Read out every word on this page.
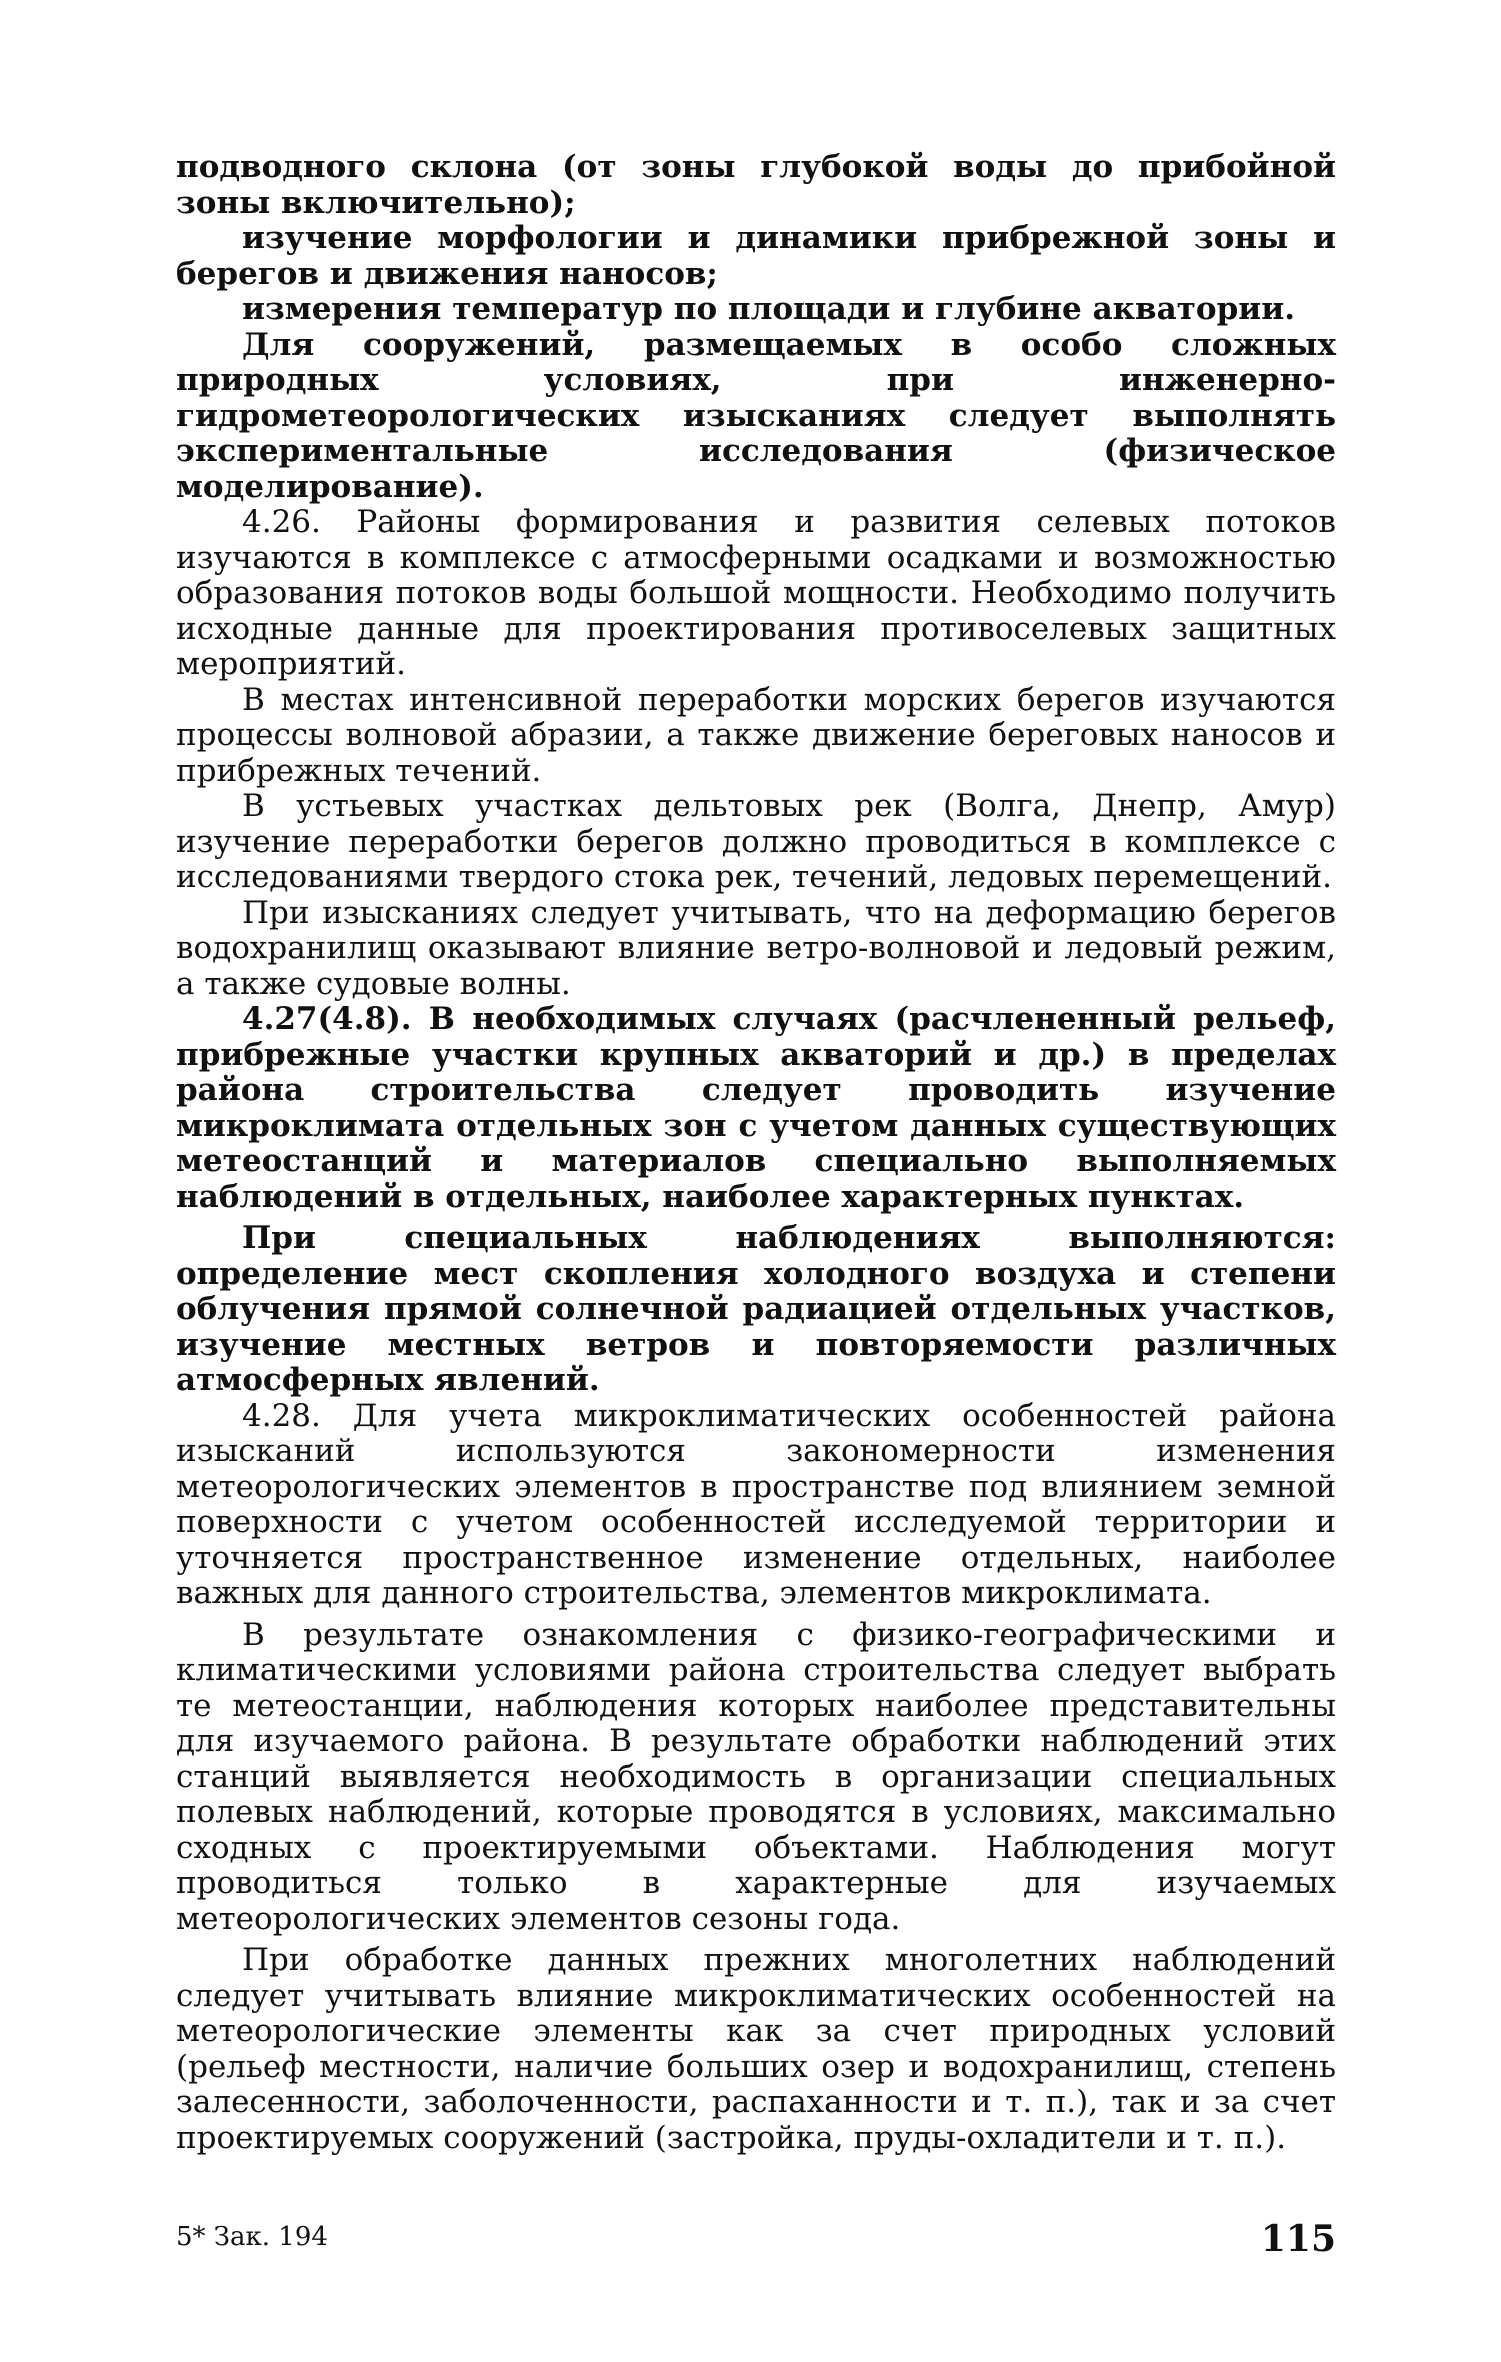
подводного склона (от зоны глубокой воды до прибойной зоны включительно);

изучение морфологии и динамики прибрежной зоны и берегов и движения наносов;

измерения температур по площади и глубине акватории.

Для сооружений, размещаемых в особо сложных природных условиях, при инженерно-гидрометеорологических изысканиях следует выполнять экспериментальные исследования (физическое моделирование).

4.26. Районы формирования и развития селевых потоков изучаются в комплексе с атмосферными осадками и возможностью образования потоков воды большой мощности. Необходимо получить исходные данные для проектирования противоселевых защитных мероприятий.

В местах интенсивной переработки морских берегов изучаются процессы волновой абразии, а также движение береговых наносов и прибрежных течений.

В устьевых участках дельтовых рек (Волга, Днепр, Амур) изучение переработки берегов должно проводиться в комплексе с исследованиями твердого стока рек, течений, ледовых перемещений.

При изысканиях следует учитывать, что на деформацию берегов водохранилищ оказывают влияние ветро-волновой и ледовый режим, а также судовые волны.

4.27(4.8). В необходимых случаях (расчлененный рельеф, прибрежные участки крупных акваторий и др.) в пределах района строительства следует проводить изучение микроклимата отдельных зон с учетом данных существующих метеостанций и материалов специально выполняемых наблюдений в отдельных, наиболее характерных пунктах.

При специальных наблюдениях выполняются: определение мест скопления холодного воздуха и степени облучения прямой солнечной радиацией отдельных участков, изучение местных ветров и повторяемости различных атмосферных явлений.

4.28. Для учета микроклиматических особенностей района изысканий используются закономерности изменения метеорологических элементов в пространстве под влиянием земной поверхности с учетом особенностей исследуемой территории и уточняется пространственное изменение отдельных, наиболее важных для данного строительства, элементов микроклимата.

В результате ознакомления с физико-географическими и климатическими условиями района строительства следует выбрать те метеостанции, наблюдения которых наиболее представительны для изучаемого района. В результате обработки наблюдений этих станций выявляется необходимость в организации специальных полевых наблюдений, которые проводятся в условиях, максимально сходных с проектируемыми объектами. Наблюдения могут проводиться только в характерные для изучаемых метеорологических элементов сезоны года.

При обработке данных прежних многолетних наблюдений следует учитывать влияние микроклиматических особенностей на метеорологические элементы как за счет природных условий (рельеф местности, наличие больших озер и водохранилищ, степень залесенности, заболоченности, распаханности и т. п.), так и за счет проектируемых сооружений (застройка, пруды-охладители и т. п.).

5* Зак. 194	115
